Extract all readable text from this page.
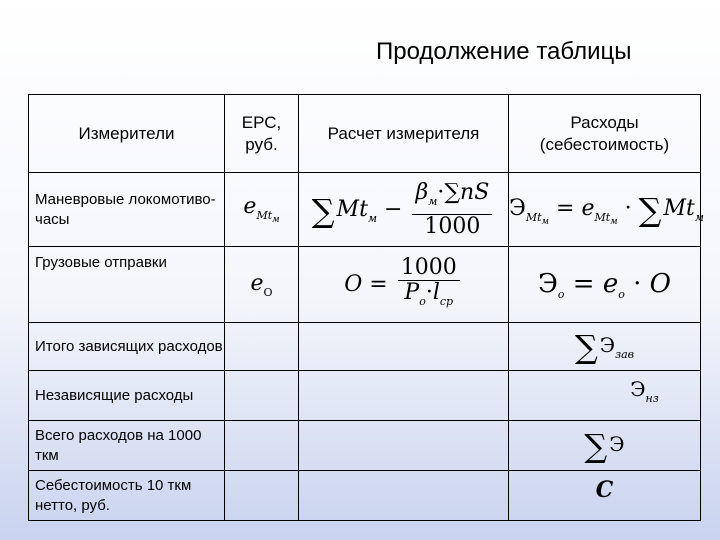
Продолжение таблицы
Измерители	ЕРС, руб.	Расчет измерителя	Расходы (себестоимость)
Маневровые локомотиво-часы	$e_{Mt_м}$	$\sum Mt_м - \frac{\beta_м\cdot\sum nS}{1000}$	$Э_{Mt_м} = e_{Mt_м} \cdot \sum Mt_м$
Грузовые отправки	$e_O$	$O = \frac{1000}{P_о\cdot l_{ср}}$	$Э_о = e_о \cdot O$
Итого зависящих расходов			∑ $Э_{зав}$
Независящие расходы			$Э_{нз}$
Всего расходов на 1000 ткм			∑ Э
Себестоимость 10 ткм нетто, руб.			C
